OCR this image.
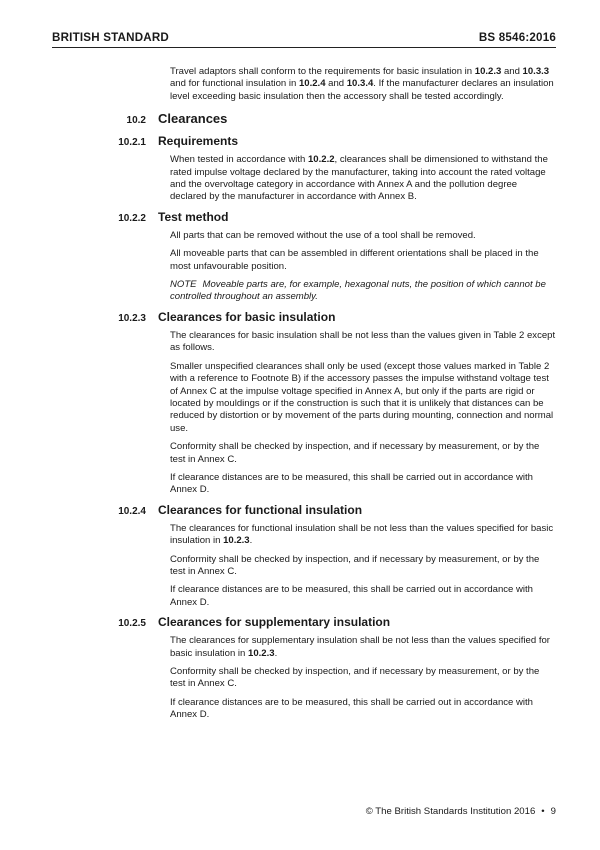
BRITISH STANDARD	BS 8546:2016

Travel adaptors shall conform to the requirements for basic insulation in 10.2.3 and 10.3.3 and for functional insulation in 10.2.4 and 10.3.4. If the manufacturer declares an insulation level exceeding basic insulation then the accessory shall be tested accordingly.

10.2 Clearances
10.2.1	Requirements

When tested in accordance with 10.2.2, clearances shall be dimensioned to withstand the rated impulse voltage declared by the manufacturer, taking into account the rated voltage and the overvoltage category in accordance with Annex A and the pollution degree declared by the manufacturer in accordance with Annex B.

10.2.2	Test method

All parts that can be removed without the use of a tool shall be removed.

All moveable parts that can be assembled in different orientations shall be placed in the most unfavourable position.

NOTE Moveable parts are, for example, hexagonal nuts, the position of which cannot be controlled throughout an assembly.

10.2.3	Clearances for basic insulation

The clearances for basic insulation shall be not less than the values given in Table 2 except as follows.

Smaller unspecified clearances shall only be used (except those values marked in Table 2 with a reference to Footnote B) if the accessory passes the impulse withstand voltage test of Annex C at the impulse voltage specified in Annex A, but only if the parts are rigid or located by mouldings or if the construction is such that it is unlikely that distances can be reduced by distortion or by movement of the parts during mounting, connection and normal use.

Conformity shall be checked by inspection, and if necessary by measurement, or by the test in Annex C.

If clearance distances are to be measured, this shall be carried out in accordance with Annex D.

10.2.4	Clearances for functional insulation

The clearances for functional insulation shall be not less than the values specified for basic insulation in 10.2.3.

Conformity shall be checked by inspection, and if necessary by measurement, or by the test in Annex C.

If clearance distances are to be measured, this shall be carried out in accordance with Annex D.

10.2.5	Clearances for supplementary insulation

The clearances for supplementary insulation shall be not less than the values specified for basic insulation in 10.2.3.

Conformity shall be checked by inspection, and if necessary by measurement, or by the test in Annex C.

If clearance distances are to be measured, this shall be carried out in accordance with Annex D.

© The British Standards Institution 2016 • 9
